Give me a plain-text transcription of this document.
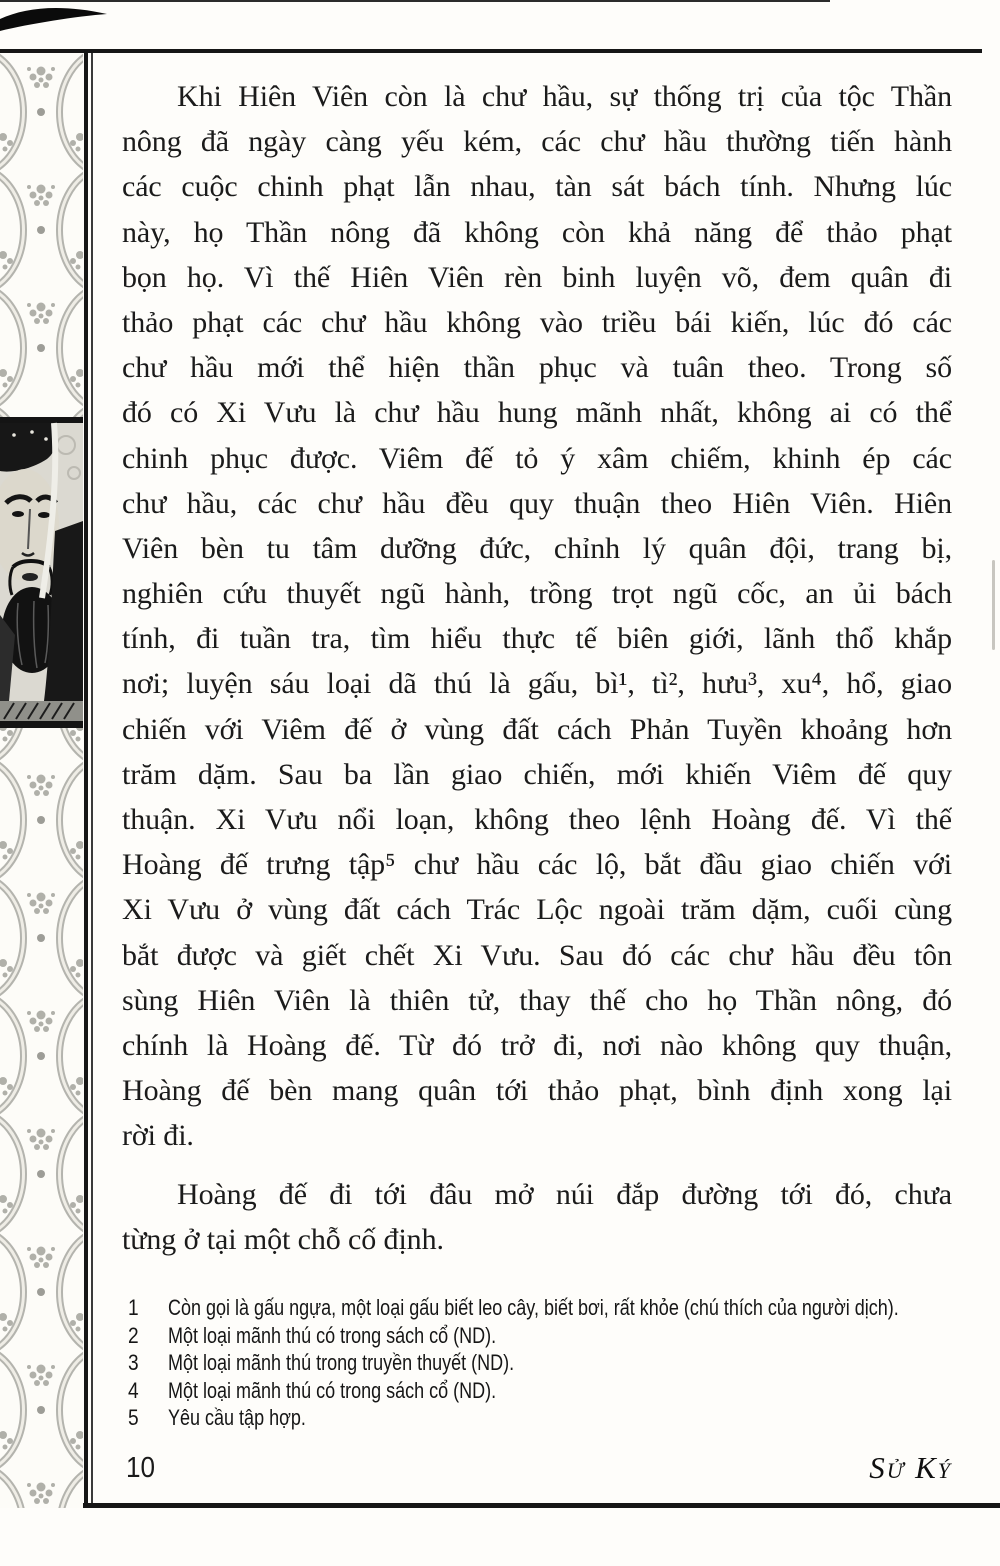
Khi Hiên Viên còn là chư hầu, sự thống trị của tộc Thần
nông đã ngày càng yếu kém, các chư hầu thường tiến hành
các cuộc chinh phạt lẫn nhau, tàn sát bách tính. Nhưng lúc
này, họ Thần nông đã không còn khả năng để thảo phạt
bọn họ. Vì thế Hiên Viên rèn binh luyện võ, đem quân đi
thảo phạt các chư hầu không vào triều bái kiến, lúc đó các
chư hầu mới thể hiện thần phục và tuân theo. Trong số
đó có Xi Vưu là chư hầu hung mãnh nhất, không ai có thể
chinh phục được. Viêm đế tỏ ý xâm chiếm, khinh ép các
chư hầu, các chư hầu đều quy thuận theo Hiên Viên. Hiên
Viên bèn tu tâm dưỡng đức, chỉnh lý quân đội, trang bị,
nghiên cứu thuyết ngũ hành, trồng trọt ngũ cốc, an ủi bách
tính, đi tuần tra, tìm hiểu thực tế biên giới, lãnh thổ khắp
nơi; luyện sáu loại dã thú là gấu, bì¹, tì², hưu³, xu⁴, hổ, giao
chiến với Viêm đế ở vùng đất cách Phản Tuyền khoảng hơn
trăm dặm. Sau ba lần giao chiến, mới khiến Viêm đế quy
thuận. Xi Vưu nổi loạn, không theo lệnh Hoàng đế. Vì thế
Hoàng đế trưng tập⁵ chư hầu các lộ, bắt đầu giao chiến với
Xi Vưu ở vùng đất cách Trác Lộc ngoài trăm dặm, cuối cùng
bắt được và giết chết Xi Vưu. Sau đó các chư hầu đều tôn
sùng Hiên Viên là thiên tử, thay thế cho họ Thần nông, đó
chính là Hoàng đế. Từ đó trở đi, nơi nào không quy thuận,
Hoàng đế bèn mang quân tới thảo phạt, bình định xong lại
rời đi.
Hoàng đế đi tới đâu mở núi đắp đường tới đó, chưa
từng ở tại một chỗ cố định.
1	Còn gọi là gấu ngựa, một loại gấu biết leo cây, biết bơi, rất khỏe (chú thích của người dịch).
2	Một loại mãnh thú có trong sách cổ (ND).
3	Một loại mãnh thú trong truyền thuyết (ND).
4	Một loại mãnh thú có trong sách cổ (ND).
5	Yêu cầu tập hợp.
10	Sử Ký
